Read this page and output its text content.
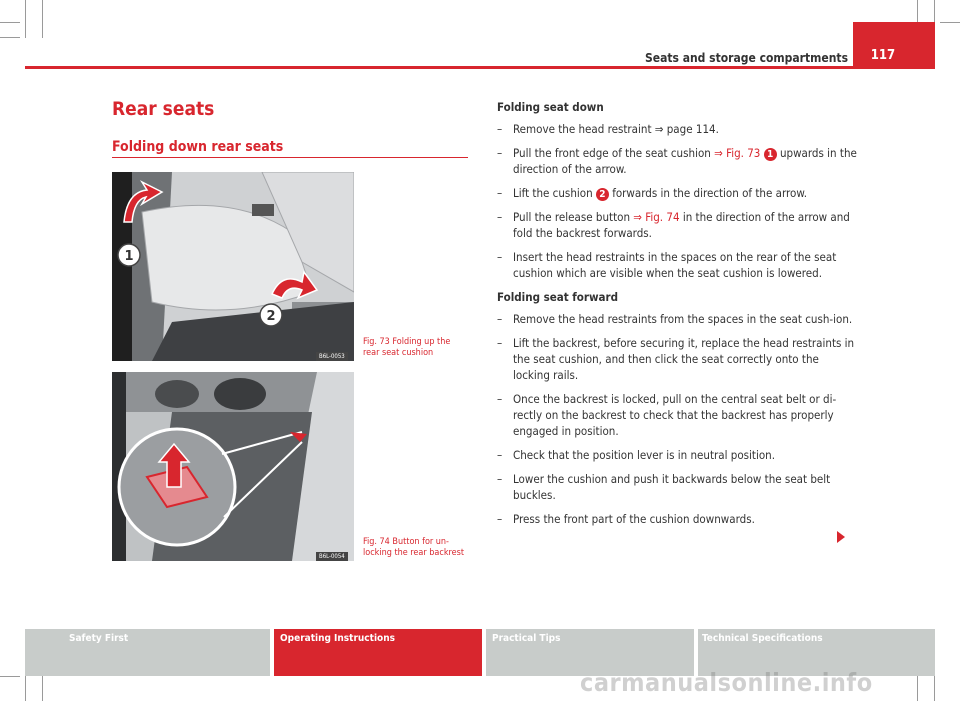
Seats and storage compartments	117
Rear seats
Folding down rear seats
1
2
B6L-0053
Fig. 73 Folding up the rear seat cushion
B6L-0054
Fig. 74 Button for un-locking the rear backrest
Folding seat down
– Remove the head restraint ⇒ page 114.
– Pull the front edge of the seat cushion ⇒ Fig. 73 1 upwards in the direction of the arrow.
– Lift the cushion 2 forwards in the direction of the arrow.
– Pull the release button ⇒ Fig. 74 in the direction of the arrow and fold the backrest forwards.
– Insert the head restraints in the spaces on the rear of the seat cushion which are visible when the seat cushion is lowered.
Folding seat forward
– Remove the head restraints from the spaces in the seat cush-ion.
– Lift the backrest, before securing it, replace the head restraints in the seat cushion, and then click the seat correctly onto the locking rails.
– Once the backrest is locked, pull on the central seat belt or di-rectly on the backrest to check that the backrest has properly engaged in position.
– Check that the position lever is in neutral position.
– Lower the cushion and push it backwards below the seat belt buckles.
– Press the front part of the cushion downwards.
Safety First	Operating Instructions	Practical Tips	Technical Specifications
carmanualsonline.info
